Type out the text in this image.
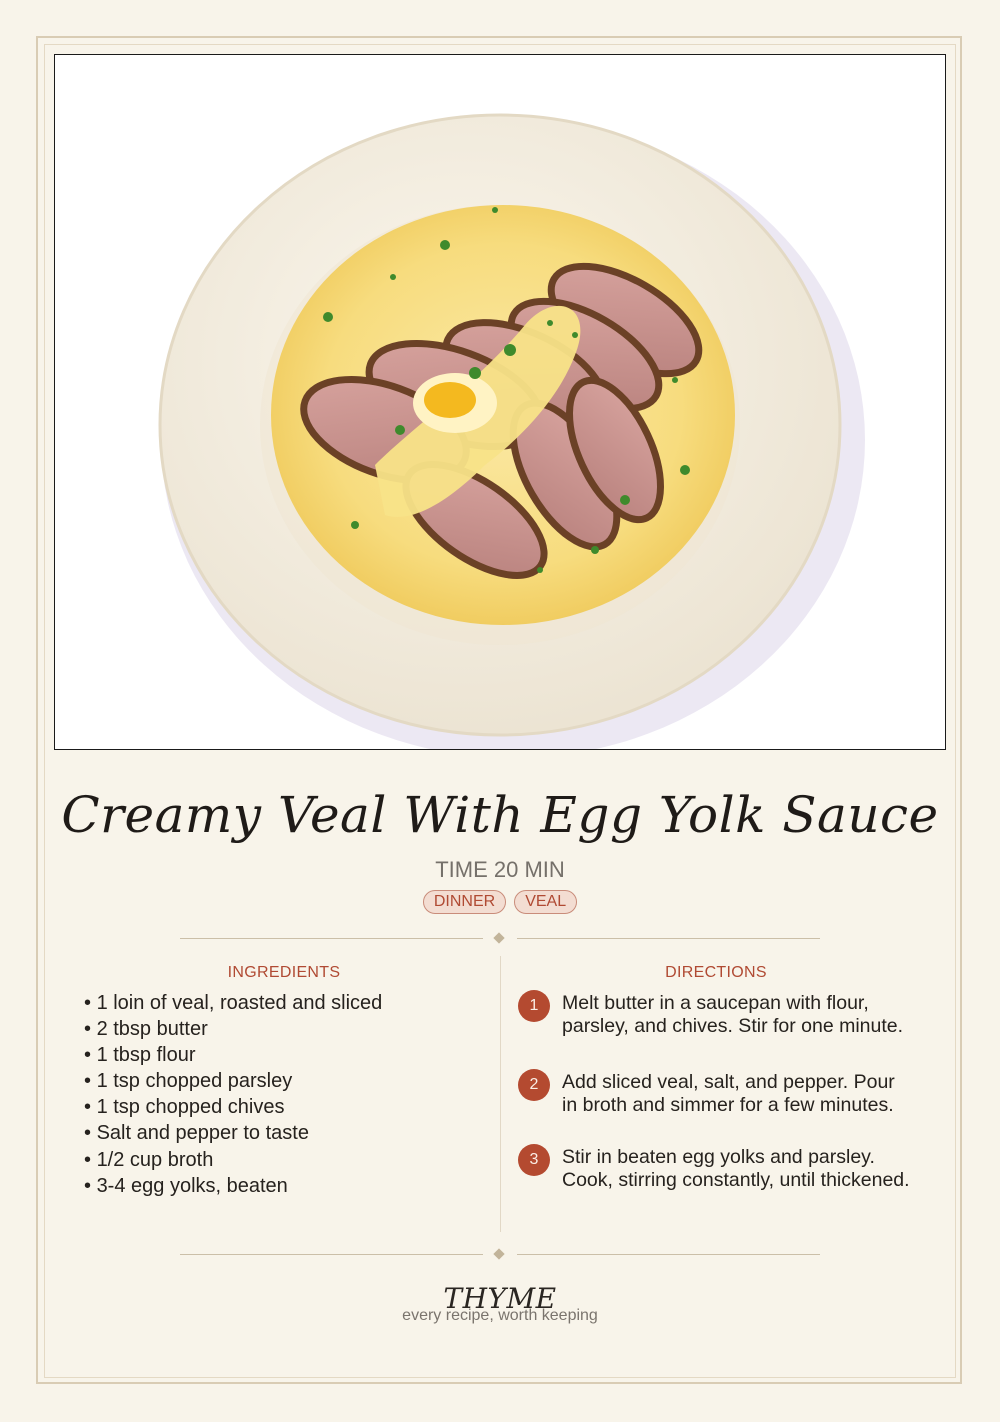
Creamy Veal With Egg Yolk Sauce
TIME 20 MIN
DINNER	VEAL
INGREDIENTS
• 1 loin of veal, roasted and sliced
• 2 tbsp butter
• 1 tbsp flour
• 1 tsp chopped parsley
• 1 tsp chopped chives
• Salt and pepper to taste
• 1/2 cup broth
• 3-4 egg yolks, beaten
DIRECTIONS
1	Melt butter in a saucepan with flour, parsley, and chives. Stir for one minute.
2	Add sliced veal, salt, and pepper. Pour in broth and simmer for a few minutes.
3	Stir in beaten egg yolks and parsley. Cook, stirring constantly, until thickened.
THYME
every recipe, worth keeping
